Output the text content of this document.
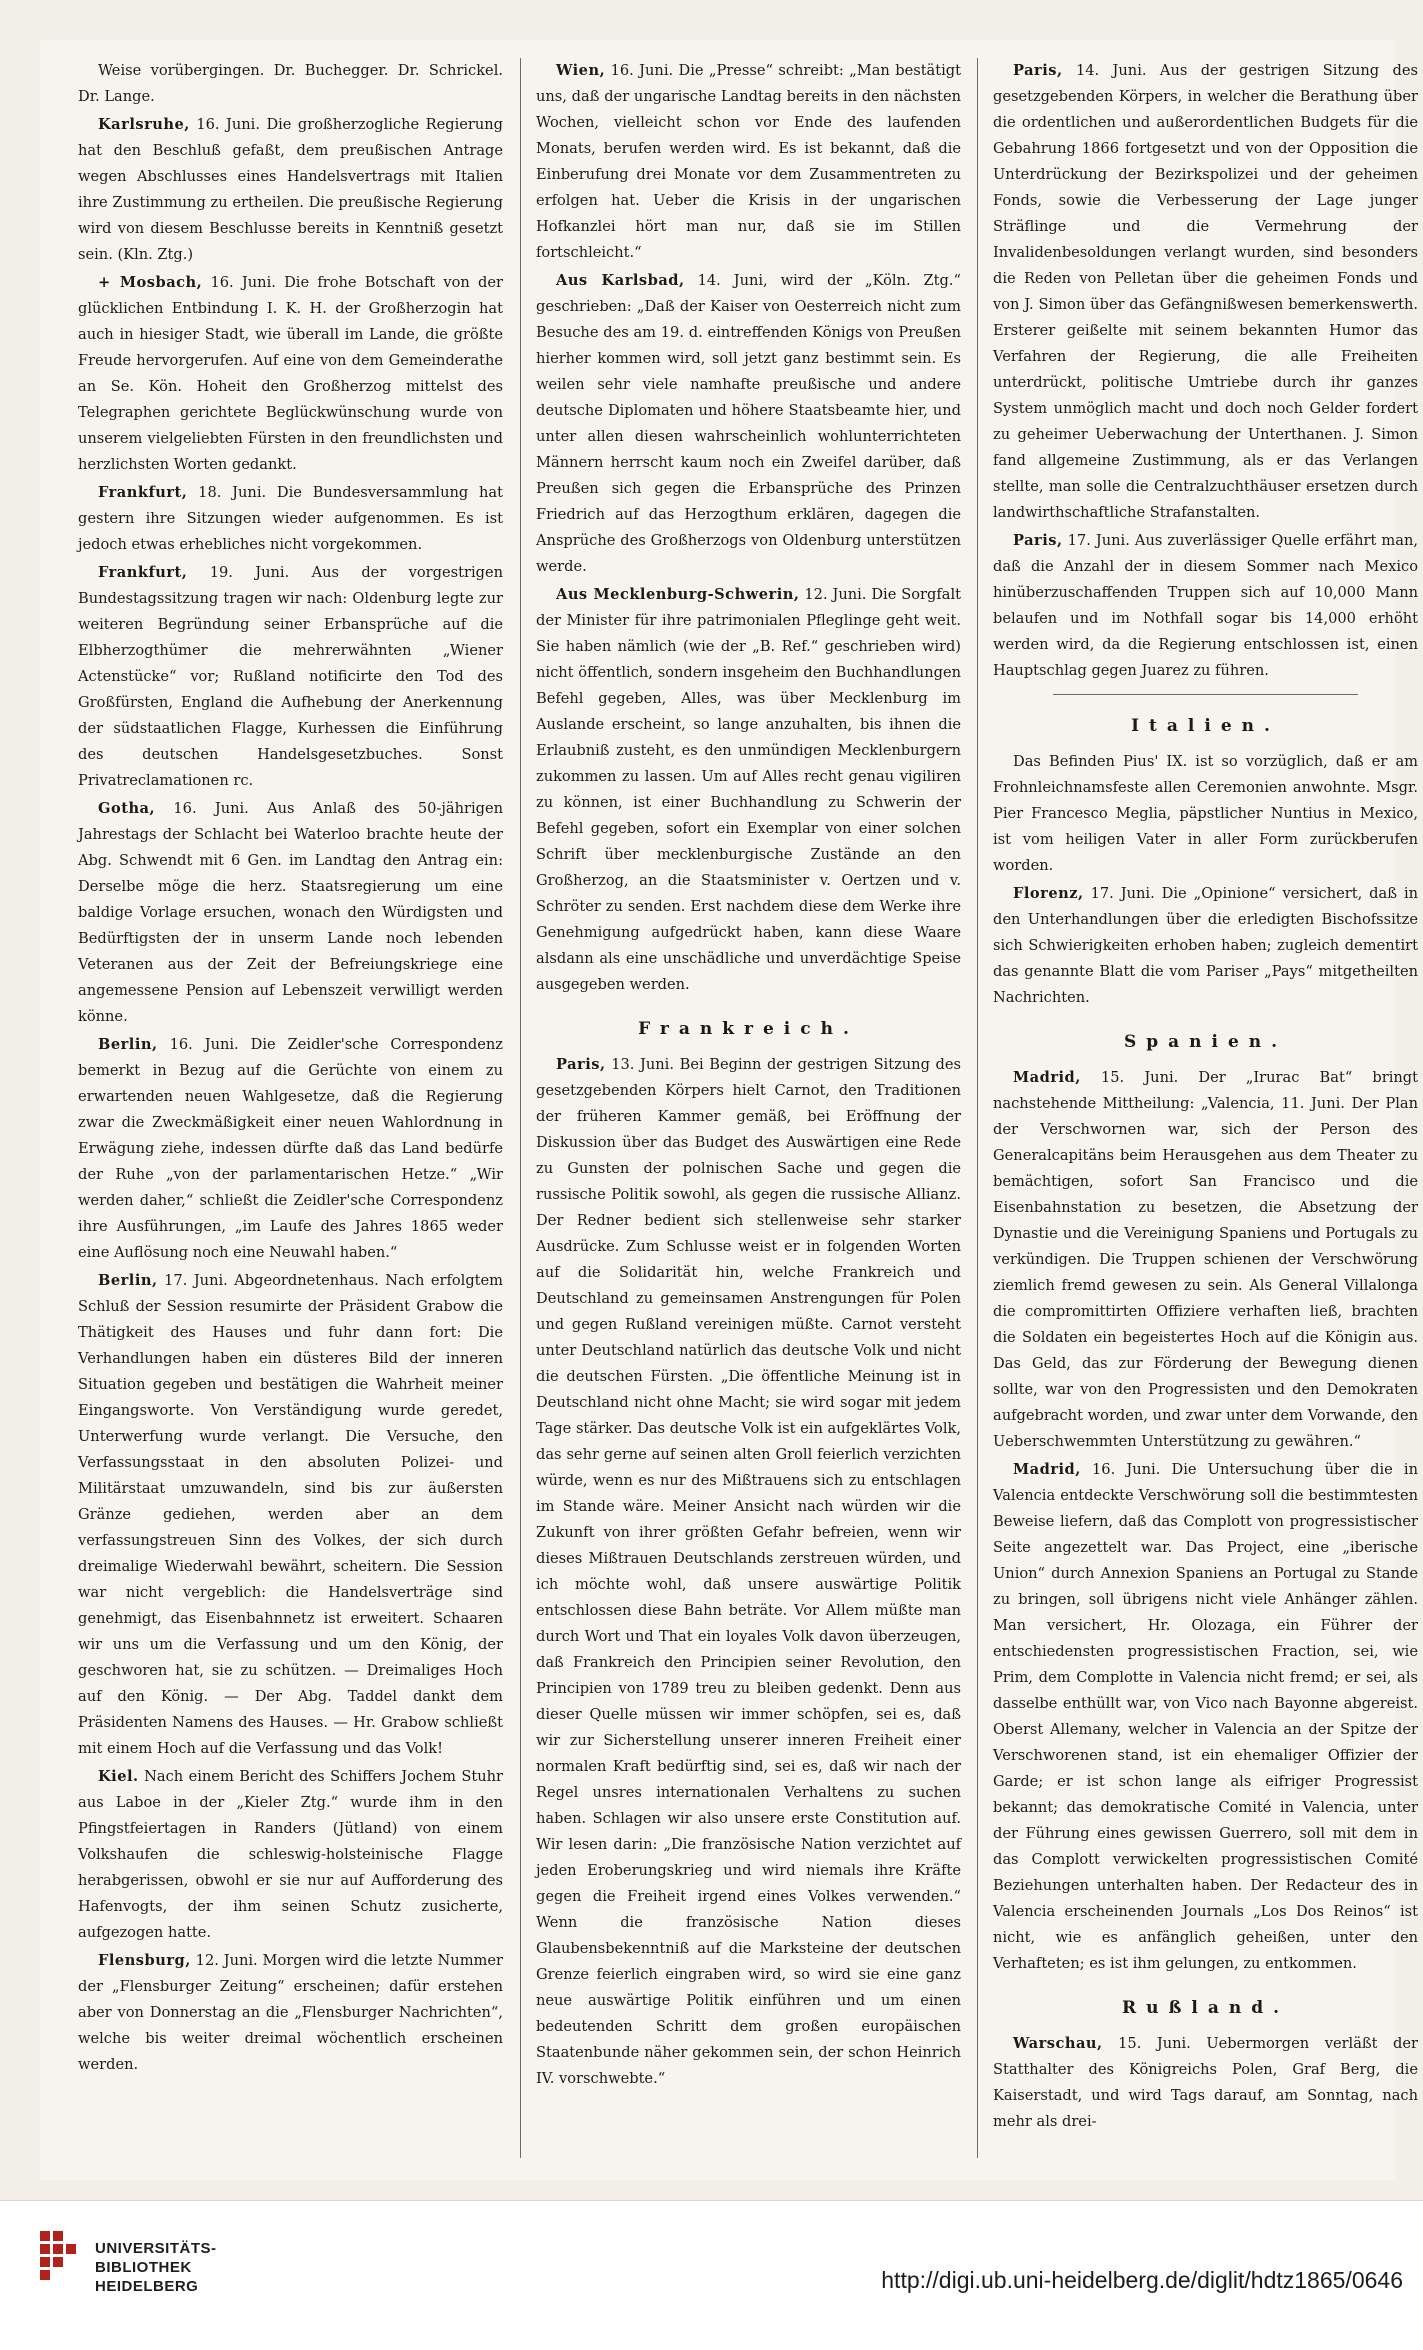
Weise vorübergingen. Dr. Buchegger. Dr. Schrickel. Dr. Lange.

Karlsruhe, 16. Juni. Die großherzogliche Regierung hat den Beschluß gefaßt, dem preußischen Antrage wegen Abschlusses eines Handelsvertrags mit Italien ihre Zustimmung zu ertheilen. Die preußische Regierung wird von diesem Beschlusse bereits in Kenntniß gesetzt sein. (Kln. Ztg.)

+ Mosbach, 16. Juni. Die frohe Botschaft von der glücklichen Entbindung I. K. H. der Großherzogin hat auch in hiesiger Stadt, wie überall im Lande, die größte Freude hervorgerufen. Auf eine von dem Gemeinderathe an Se. Kön. Hoheit den Großherzog mittelst des Telegraphen gerichtete Beglückwünschung wurde von unserem vielgeliebten Fürsten in den freundlichsten und herzlichsten Worten gedankt.

Frankfurt, 18. Juni. Die Bundesversammlung hat gestern ihre Sitzungen wieder aufgenommen. Es ist jedoch etwas erhebliches nicht vorgekommen.

Frankfurt, 19. Juni. Aus der vorgestrigen Bundestagssitzung tragen wir nach: Oldenburg legte zur weiteren Begründung seiner Erbansprüche auf die Elbherzogthümer die mehrerwähnten „Wiener Actenstücke“ vor; Rußland notificirte den Tod des Großfürsten, England die Aufhebung der Anerkennung der südstaatlichen Flagge, Kurhessen die Einführung des deutschen Handelsgesetzbuches. Sonst Privatreclamationen rc.

Gotha, 16. Juni. Aus Anlaß des 50-jährigen Jahrestags der Schlacht bei Waterloo brachte heute der Abg. Schwendt mit 6 Gen. im Landtag den Antrag ein: Derselbe möge die herz. Staatsregierung um eine baldige Vorlage ersuchen, wonach den Würdigsten und Bedürftigsten der in unserm Lande noch lebenden Veteranen aus der Zeit der Befreiungskriege eine angemessene Pension auf Lebenszeit verwilligt werden könne.

Berlin, 16. Juni. Die Zeidler'sche Correspondenz bemerkt in Bezug auf die Gerüchte von einem zu erwartenden neuen Wahlgesetze, daß die Regierung zwar die Zweckmäßigkeit einer neuen Wahlordnung in Erwägung ziehe, indessen dürfte daß das Land bedürfe der Ruhe „von der parlamentarischen Hetze.“ „Wir werden daher,“ schließt die Zeidler'sche Correspondenz ihre Ausführungen, „im Laufe des Jahres 1865 weder eine Auflösung noch eine Neuwahl haben.“

Berlin, 17. Juni. Abgeordnetenhaus. Nach erfolgtem Schluß der Session resumirte der Präsident Grabow die Thätigkeit des Hauses und fuhr dann fort: Die Verhandlungen haben ein düsteres Bild der inneren Situation gegeben und bestätigen die Wahrheit meiner Eingangsworte. Von Verständigung wurde geredet, Unterwerfung wurde verlangt. Die Versuche, den Verfassungsstaat in den absoluten Polizei- und Militärstaat umzuwandeln, sind bis zur äußersten Gränze gediehen, werden aber an dem verfassungstreuen Sinn des Volkes, der sich durch dreimalige Wiederwahl bewährt, scheitern. Die Session war nicht vergeblich: die Handelsverträge sind genehmigt, das Eisenbahnnetz ist erweitert. Schaaren wir uns um die Verfassung und um den König, der geschworen hat, sie zu schützen. — Dreimaliges Hoch auf den König. — Der Abg. Taddel dankt dem Präsidenten Namens des Hauses. — Hr. Grabow schließt mit einem Hoch auf die Verfassung und das Volk!

Kiel. Nach einem Bericht des Schiffers Jochem Stuhr aus Laboe in der „Kieler Ztg.“ wurde ihm in den Pfingstfeiertagen in Randers (Jütland) von einem Volkshaufen die schleswig-holsteinische Flagge herabgerissen, obwohl er sie nur auf Aufforderung des Hafenvogts, der ihm seinen Schutz zusicherte, aufgezogen hatte.

Flensburg, 12. Juni. Morgen wird die letzte Nummer der „Flensburger Zeitung“ erscheinen; dafür erstehen aber von Donnerstag an die „Flensburger Nachrichten“, welche bis weiter dreimal wöchentlich erscheinen werden.

Wien, 16. Juni. Die „Presse“ schreibt: „Man bestätigt uns, daß der ungarische Landtag bereits in den nächsten Wochen, vielleicht schon vor Ende des laufenden Monats, berufen werden wird. Es ist bekannt, daß die Einberufung drei Monate vor dem Zusammentreten zu erfolgen hat. Ueber die Krisis in der ungarischen Hofkanzlei hört man nur, daß sie im Stillen fortschleicht.“

Aus Karlsbad, 14. Juni, wird der „Köln. Ztg.“ geschrieben: „Daß der Kaiser von Oesterreich nicht zum Besuche des am 19. d. eintreffenden Königs von Preußen hierher kommen wird, soll jetzt ganz bestimmt sein. Es weilen sehr viele namhafte preußische und andere deutsche Diplomaten und höhere Staatsbeamte hier, und unter allen diesen wahrscheinlich wohlunterrichteten Männern herrscht kaum noch ein Zweifel darüber, daß Preußen sich gegen die Erbansprüche des Prinzen Friedrich auf das Herzogthum erklären, dagegen die Ansprüche des Großherzogs von Oldenburg unterstützen werde.

Aus Mecklenburg-Schwerin, 12. Juni. Die Sorgfalt der Minister für ihre patrimonialen Pfleglinge geht weit. Sie haben nämlich (wie der „B. Ref.“ geschrieben wird) nicht öffentlich, sondern insgeheim den Buchhandlungen Befehl gegeben, Alles, was über Mecklenburg im Auslande erscheint, so lange anzuhalten, bis ihnen die Erlaubniß zusteht, es den unmündigen Mecklenburgern zukommen zu lassen. Um auf Alles recht genau vigiliren zu können, ist einer Buchhandlung zu Schwerin der Befehl gegeben, sofort ein Exemplar von einer solchen Schrift über mecklenburgische Zustände an den Großherzog, an die Staatsminister v. Oertzen und v. Schröter zu senden. Erst nachdem diese dem Werke ihre Genehmigung aufgedrückt haben, kann diese Waare alsdann als eine unschädliche und unverdächtige Speise ausgegeben werden.

Frankreich.

Paris, 13. Juni. Bei Beginn der gestrigen Sitzung des gesetzgebenden Körpers hielt Carnot, den Traditionen der früheren Kammer gemäß, bei Eröffnung der Diskussion über das Budget des Auswärtigen eine Rede zu Gunsten der polnischen Sache und gegen die russische Politik sowohl, als gegen die russische Allianz. Der Redner bedient sich stellenweise sehr starker Ausdrücke. Zum Schlusse weist er in folgenden Worten auf die Solidarität hin, welche Frankreich und Deutschland zu gemeinsamen Anstrengungen für Polen und gegen Rußland vereinigen müßte. Carnot versteht unter Deutschland natürlich das deutsche Volk und nicht die deutschen Fürsten. „Die öffentliche Meinung ist in Deutschland nicht ohne Macht; sie wird sogar mit jedem Tage stärker. Das deutsche Volk ist ein aufgeklärtes Volk, das sehr gerne auf seinen alten Groll feierlich verzichten würde, wenn es nur des Mißtrauens sich zu entschlagen im Stande wäre. Meiner Ansicht nach würden wir die Zukunft von ihrer größten Gefahr befreien, wenn wir dieses Mißtrauen Deutschlands zerstreuen würden, und ich möchte wohl, daß unsere auswärtige Politik entschlossen diese Bahn beträte. Vor Allem müßte man durch Wort und That ein loyales Volk davon überzeugen, daß Frankreich den Principien seiner Revolution, den Principien von 1789 treu zu bleiben gedenkt. Denn aus dieser Quelle müssen wir immer schöpfen, sei es, daß wir zur Sicherstellung unserer inneren Freiheit einer normalen Kraft bedürftig sind, sei es, daß wir nach der Regel unsres internationalen Verhaltens zu suchen haben. Schlagen wir also unsere erste Constitution auf. Wir lesen darin: „Die französische Nation verzichtet auf jeden Eroberungskrieg und wird niemals ihre Kräfte gegen die Freiheit irgend eines Volkes verwenden.“ Wenn die französische Nation dieses Glaubensbekenntniß auf die Marksteine der deutschen Grenze feierlich eingraben wird, so wird sie eine ganz neue auswärtige Politik einführen und um einen bedeutenden Schritt dem großen europäischen Staatenbunde näher gekommen sein, der schon Heinrich IV. vorschwebte.“

Paris, 14. Juni. Aus der gestrigen Sitzung des gesetzgebenden Körpers, in welcher die Berathung über die ordentlichen und außerordentlichen Budgets für die Gebahrung 1866 fortgesetzt und von der Opposition die Unterdrückung der Bezirkspolizei und der geheimen Fonds, sowie die Verbesserung der Lage junger Sträflinge und die Vermehrung der Invalidenbesoldungen verlangt wurden, sind besonders die Reden von Pelletan über die geheimen Fonds und von J. Simon über das Gefängnißwesen bemerkenswerth. Ersterer geißelte mit seinem bekannten Humor das Verfahren der Regierung, die alle Freiheiten unterdrückt, politische Umtriebe durch ihr ganzes System unmöglich macht und doch noch Gelder fordert zu geheimer Ueberwachung der Unterthanen. J. Simon fand allgemeine Zustimmung, als er das Verlangen stellte, man solle die Centralzuchthäuser ersetzen durch landwirthschaftliche Strafanstalten.

Paris, 17. Juni. Aus zuverlässiger Quelle erfährt man, daß die Anzahl der in diesem Sommer nach Mexico hinüberzuschaffenden Truppen sich auf 10,000 Mann belaufen und im Nothfall sogar bis 14,000 erhöht werden wird, da die Regierung entschlossen ist, einen Hauptschlag gegen Juarez zu führen.

Italien.

Das Befinden Pius' IX. ist so vorzüglich, daß er am Frohnleichnamsfeste allen Ceremonien anwohnte. Msgr. Pier Francesco Meglia, päpstlicher Nuntius in Mexico, ist vom heiligen Vater in aller Form zurückberufen worden.

Florenz, 17. Juni. Die „Opinione“ versichert, daß in den Unterhandlungen über die erledigten Bischofssitze sich Schwierigkeiten erhoben haben; zugleich dementirt das genannte Blatt die vom Pariser „Pays“ mitgetheilten Nachrichten.

Spanien.

Madrid, 15. Juni. Der „Irurac Bat“ bringt nachstehende Mittheilung: „Valencia, 11. Juni. Der Plan der Verschwornen war, sich der Person des Generalcapitäns beim Herausgehen aus dem Theater zu bemächtigen, sofort San Francisco und die Eisenbahnstation zu besetzen, die Absetzung der Dynastie und die Vereinigung Spaniens und Portugals zu verkündigen. Die Truppen schienen der Verschwörung ziemlich fremd gewesen zu sein. Als General Villalonga die compromittirten Offiziere verhaften ließ, brachten die Soldaten ein begeistertes Hoch auf die Königin aus. Das Geld, das zur Förderung der Bewegung dienen sollte, war von den Progressisten und den Demokraten aufgebracht worden, und zwar unter dem Vorwande, den Ueberschwemmten Unterstützung zu gewähren.“

Madrid, 16. Juni. Die Untersuchung über die in Valencia entdeckte Verschwörung soll die bestimmtesten Beweise liefern, daß das Complott von progressistischer Seite angezettelt war. Das Project, eine „iberische Union“ durch Annexion Spaniens an Portugal zu Stande zu bringen, soll übrigens nicht viele Anhänger zählen. Man versichert, Hr. Olozaga, ein Führer der entschiedensten progressistischen Fraction, sei, wie Prim, dem Complotte in Valencia nicht fremd; er sei, als dasselbe enthüllt war, von Vico nach Bayonne abgereist. Oberst Allemany, welcher in Valencia an der Spitze der Verschworenen stand, ist ein ehemaliger Offizier der Garde; er ist schon lange als eifriger Progressist bekannt; das demokratische Comité in Valencia, unter der Führung eines gewissen Guerrero, soll mit dem in das Complott verwickelten progressistischen Comité Beziehungen unterhalten haben. Der Redacteur des in Valencia erscheinenden Journals „Los Dos Reinos“ ist nicht, wie es anfänglich geheißen, unter den Verhafteten; es ist ihm gelungen, zu entkommen.

Rußland.

Warschau, 15. Juni. Uebermorgen verläßt der Statthalter des Königreichs Polen, Graf Berg, die Kaiserstadt, und wird Tags darauf, am Sonntag, nach mehr als drei-

UNIVERSITÄTS-
BIBLIOTHEK
HEIDELBERG	http://digi.ub.uni-heidelberg.de/diglit/hdtz1865/0646
